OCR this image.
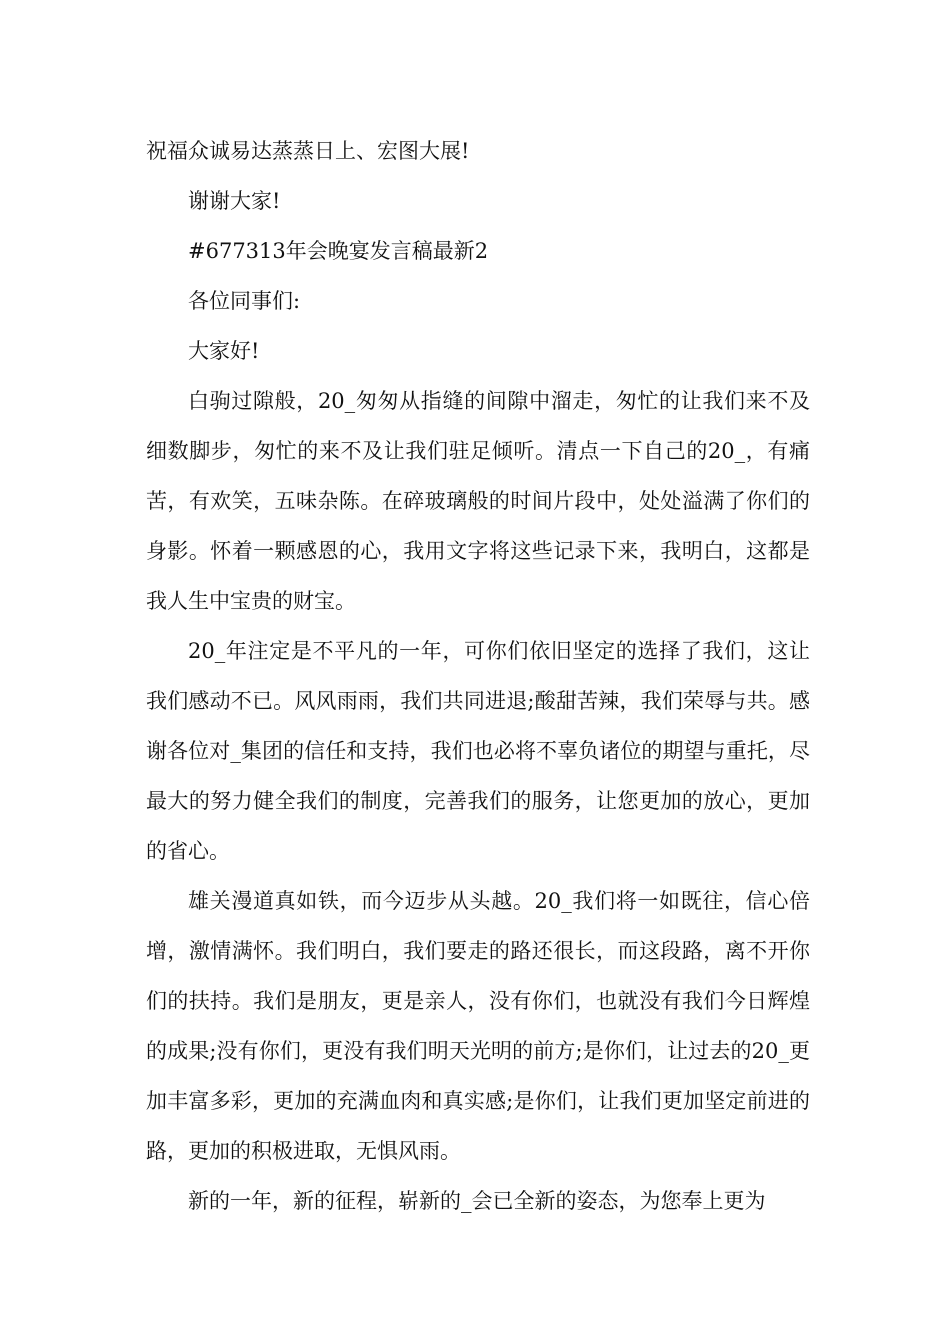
祝福众诚易达蒸蒸日上、宏图大展!
谢谢大家!
#677313年会晚宴发言稿最新2
各位同事们:
大家好!

白驹过隙般，20_匆匆从指缝的间隙中溜走，匆忙的让我们来不及细数脚步，匆忙的来不及让我们驻足倾听。清点一下自己的20_，有痛苦，有欢笑，五味杂陈。在碎玻璃般的时间片段中，处处溢满了你们的身影。怀着一颗感恩的心，我用文字将这些记录下来，我明白，这都是我人生中宝贵的财宝。

20_年注定是不平凡的一年，可你们依旧坚定的选择了我们，这让我们感动不已。风风雨雨，我们共同进退;酸甜苦辣，我们荣辱与共。感谢各位对_集团的信任和支持，我们也必将不辜负诸位的期望与重托，尽最大的努力健全我们的制度，完善我们的服务，让您更加的放心，更加的省心。

雄关漫道真如铁，而今迈步从头越。20_我们将一如既往，信心倍增，激情满怀。我们明白，我们要走的路还很长，而这段路，离不开你们的扶持。我们是朋友，更是亲人，没有你们，也就没有我们今日辉煌的成果;没有你们，更没有我们明天光明的前方;是你们，让过去的20_更加丰富多彩，更加的充满血肉和真实感;是你们，让我们更加坚定前进的路，更加的积极进取，无惧风雨。

新的一年，新的征程，崭新的_会已全新的姿态，为您奉上更为
